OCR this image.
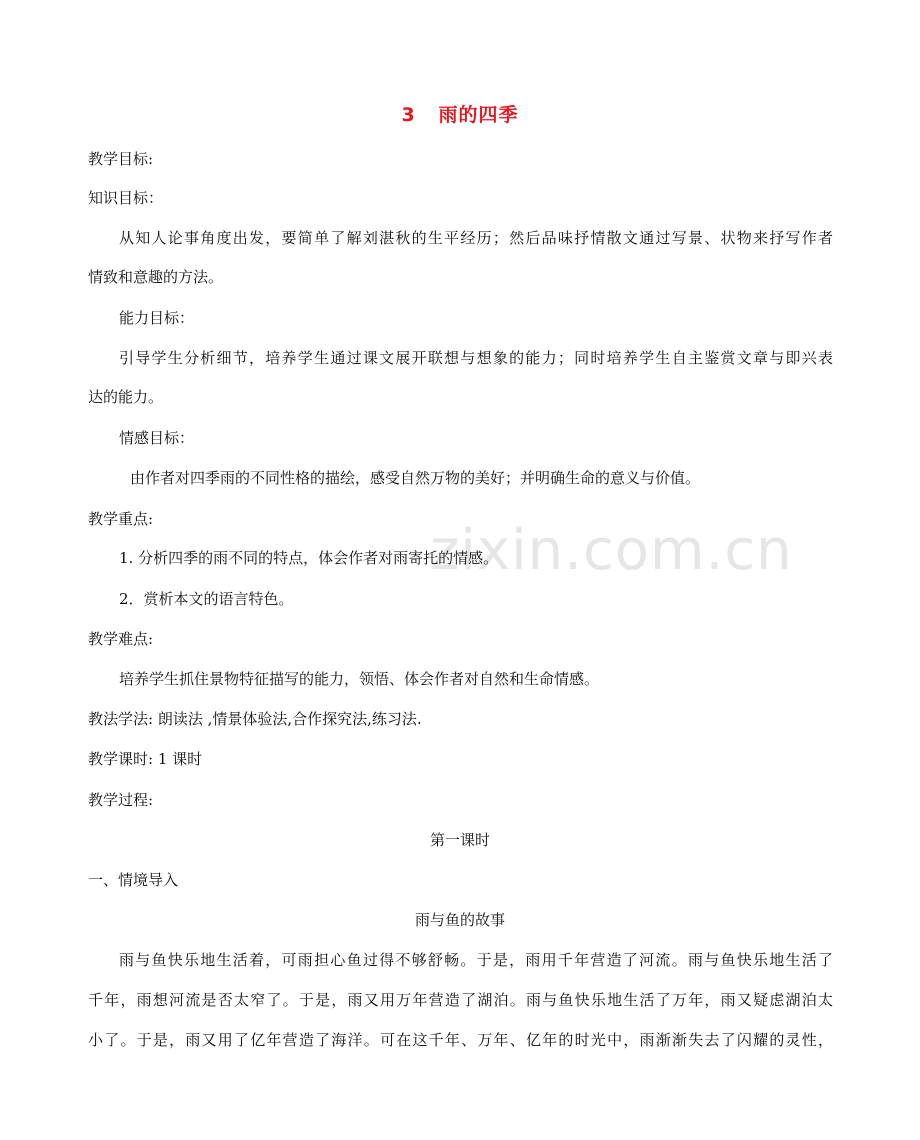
zixin.com.cn
3   雨的四季
教学目标:
知识目标：
从知人论事角度出发，要简单了解刘湛秋的生平经历；然后品味抒情散文通过写景、状物来抒写作者
情致和意趣的方法。
能力目标：
引导学生分析细节，培养学生通过课文展开联想与想象的能力；同时培养学生自主鉴赏文章与即兴表
达的能力。
情感目标：
由作者对四季雨的不同性格的描绘，感受自然万物的美好；并明确生命的意义与价值。
教学重点:
1. 分析四季的雨不同的特点，体会作者对雨寄托的情感。
2．赏析本文的语言特色。
教学难点:
培养学生抓住景物特征描写的能力，领悟、体会作者对自然和生命情感。
教法学法: 朗读法 ,情景体验法,合作探究法,练习法.
教学课时: 1 课时
教学过程:
第一课时
一、情境导入
雨与鱼的故事
雨与鱼快乐地生活着，可雨担心鱼过得不够舒畅。于是，雨用千年营造了河流。雨与鱼快乐地生活了
千年，雨想河流是否太窄了。于是，雨又用万年营造了湖泊。雨与鱼快乐地生活了万年，雨又疑虑湖泊太
小了。于是，雨又用了亿年营造了海洋。可在这千年、万年、亿年的时光中，雨渐渐失去了闪耀的灵性，
